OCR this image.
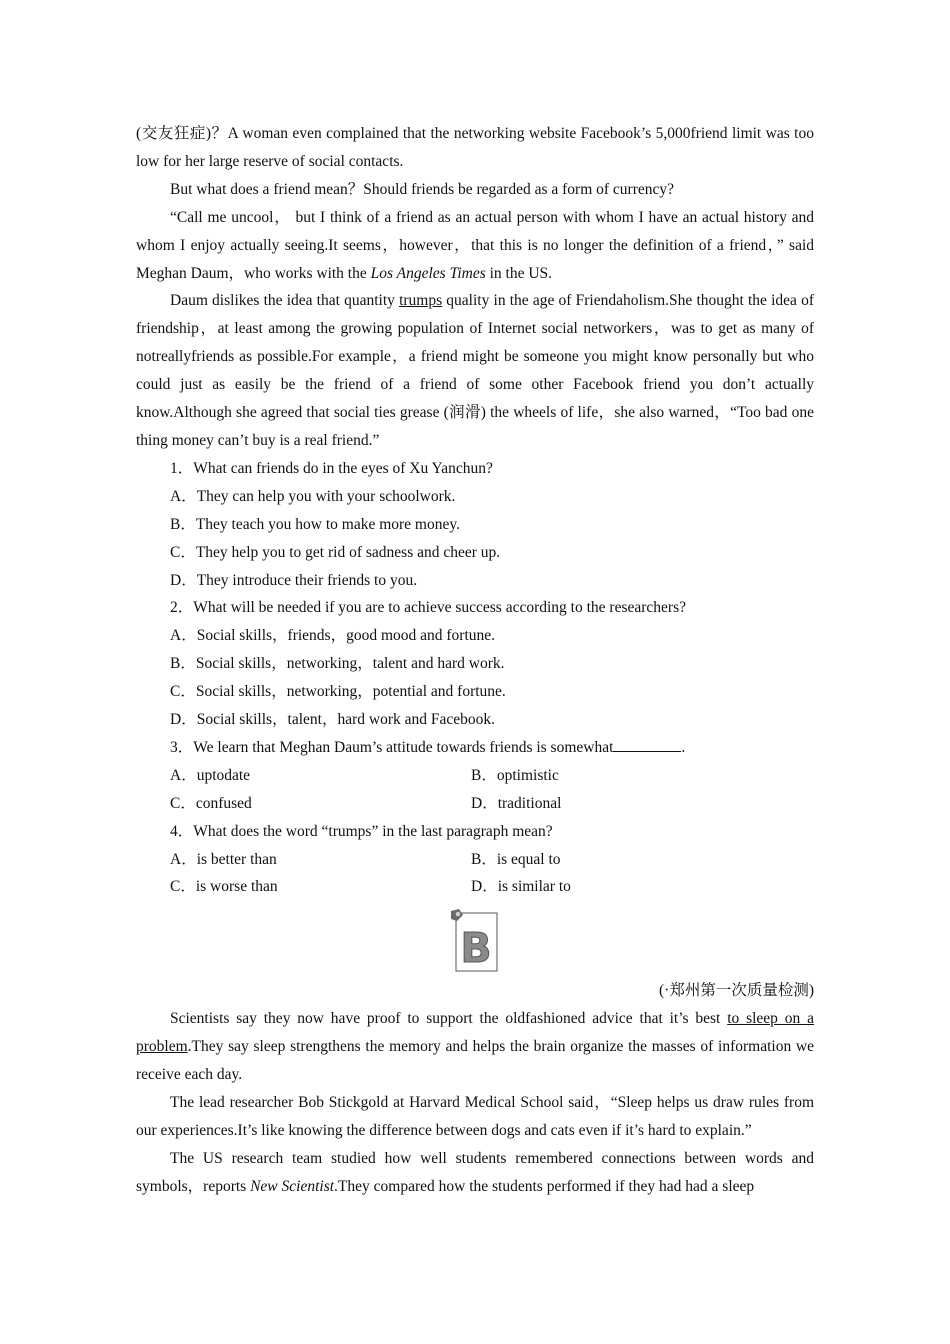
(交友狂症)？A woman even complained that the networking website Facebook’s 5,000friend limit was too low for her large reserve of social contacts.

But what does a friend mean？Should friends be regarded as a form of currency?

“Call me uncool， but I think of a friend as an actual person with whom I have an actual history and whom I enjoy actually seeing.It seems，however，that this is no longer the definition of a friend，” said Meghan Daum，who works with the Los Angeles Times in the US.

Daum dislikes the idea that quantity trumps quality in the age of Friendaholism.She thought the idea of friendship，at least among the growing population of Internet social networkers，was to get as many of notreallyfriends as possible.For example，a friend might be someone you might know personally but who could just as easily be the friend of a friend of some other Facebook friend you don’t actually know.Although she agreed that social ties grease (润滑) the wheels of life，she also warned，“Too bad one thing money can’t buy is a real friend.”

1．What can friends do in the eyes of Xu Yanchun?

A．They can help you with your schoolwork.

B．They teach you how to make more money.

C．They help you to get rid of sadness and cheer up.

D．They introduce their friends to you.

2．What will be needed if you are to achieve success according to the researchers?

A．Social skills，friends，good mood and fortune.

B．Social skills，networking，talent and hard work.

C．Social skills，networking，potential and fortune.

D．Social skills，talent，hard work and Facebook.

3．We learn that Meghan Daum’s attitude towards friends is somewhat	.

A．uptodate	B．optimistic
C．confused	D．traditional

4．What does the word “trumps” in the last paragraph mean?

A．is better than	B．is equal to
C．is worse than	D．is similar to
B

(·郑州第一次质量检测)

Scientists say they now have proof to support the oldfashioned advice that it’s best to sleep on a problem.They say sleep strengthens the memory and helps the brain organize the masses of information we receive each day.

The lead researcher Bob Stickgold at Harvard Medical School said，“Sleep helps us draw rules from our experiences.It’s like knowing the difference between dogs and cats even if it’s hard to explain.”

The US research team studied how well students remembered connections between words and symbols，reports New Scientist.They compared how the students performed if they had had a sleep
